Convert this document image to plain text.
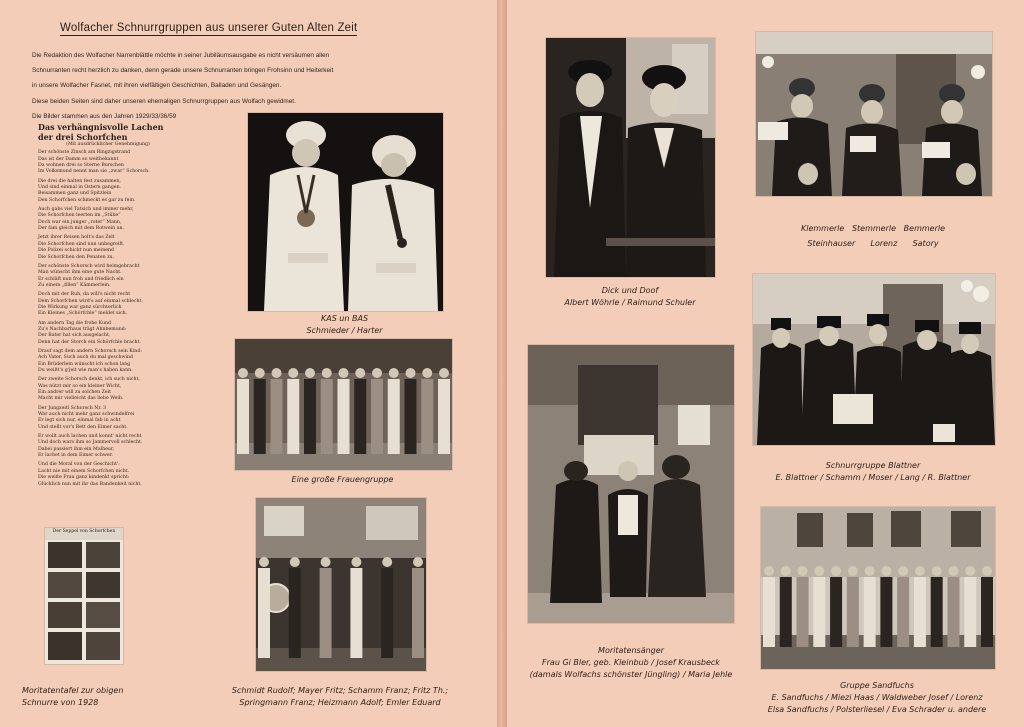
Wolfacher Schnurrgruppen aus unserer Guten Alten Zeit

Die Redaktion des Wolfacher Narrenblättle möchte in seiner Jubiläumsausgabe es nicht versäumen allen

Schnurranten recht herzlich zu danken, denn gerade unsere Schnurranten bringen Frohsinn und Heiterkeit

in unsere Wolfacher Fasnet, mit ihren vielfältigen Geschichten, Balladen und Gesängen.

Diese beiden Seiten sind daher unseren ehemaligen Schnurrgruppen aus Wolfach gewidmet.

Die Bilder stammen aus den Jahren 1929/33/36/59

Das verhängnisvolle Lachen der drei Schorfchen
(Mit ausdrücklicher Genehmigung)
Der schönste Zinsch am Ringzigstrand
Das ist der Damm so weitbekannt
Da wohnen drei so Sterne Burschen
Im Volksmund nennt man sie „zwar“ Schorsch.
Die drei die halten fest zusammen,
Und sind einmal in Ostern gangen.
Beisammen ganz und Spitzlein
Den Schorfchen schmeckt es gar zu fein.
Auch gabs viel Tatsich und immer mehr,
Die Schorfchen leerten im „Stübe“
Doch war ein junger „roter“ Mann,
Der fam gleich mit dem Rotwein an.
Jetzt ihrer Reisen holt's das Zelt
Die Schorfchen sind nun unbegreift.
Die Polizei schickt nun meinend
Die Schorfchen den Penaten zu.
Der schönste Schorsch wird heimgebracht
Man wünscht ihm eine gute Nacht.
Er schläft nun froh und friedlich ein
Zu einem „fillen“ Kämmerlein.
Doch mit der Ruh, da will's nicht recht
Dem Schorfchen wird's auf einmal schlecht.
Die Wirkung war ganz sürchterlich
Ein Kleines „Schörfchle“ meldet sich.
Am andern Tag die frohe Kund
Zu's Nachbarhaus trägt Ahnbemund:
Der Bater hat sich ausgelacht,
Denn hat der Storch ein Schörfchle bracht.
Drauf sagt dem andern Schorsch sein Kind:
Ach Vater, Such auch du mal geschwind
Ein Brüderlein wünscht ich schon lang
Du weißt's g'jeit wie man's haben kann.
Der zweite Schorsch denkt, ich such nicht,
Was nützt mir so ein kleiner Wicht,
Ein andrer will zu solchen Zeit
Macht mir vielleicht das liebe Weib.
Der Jungzeitl Schorsch Nr. 3
War auch nicht mehr ganz schwindelfrei
Er legt sich nur, einmal fab in acht
Und stellt vor's Bett den Eimer sacht.
Er wollt auch lachen und konnt' nicht recht
Und doch wars ihm so Jammervoll schlecht.
Dabei passiert ihm ein Malheur,
Er lachet in dem Eimer schwer.
Und die Moral von der Geschicht':
Lacht nie mit einem Schorfchen nicht.
Die weiße Frau ganz kindenkt spricht:
Glücklich nun mit ihr das Bandenkeit nicht.
KAS un BAS
Schmieder / Harter
Eine große Frauengruppe
Schmidt Rudolf; Mayer Fritz; Schamm Franz; Fritz Th.;
Springmann Franz; Heizmann Adolf; Emler Eduard
Der Seppel von Schorfchen
Moritatentafel zur obigen
Schnurre von 1928
Dick und Doof
Albert Wöhrle / Raimund Schuler
Klemmerle   Stemmerle   Bemmerle
Steinhauser      Lorenz      Satory
Moritatensänger
Frau Gi Bler, geb. Kleinbub / Josef Krausbeck
(damals Wolfachs schönster Jüngling) / Maria Jehle
Schnurrgruppe Blattner
E. Blattner / Schamm / Moser / Lang / R. Blattner
Gruppe Sandfuchs
E. Sandfuchs / Miezi Haas / Waldweber Josef / Lorenz
Elsa Sandfuchs / Polsterliesel / Eva Schrader u. andere
